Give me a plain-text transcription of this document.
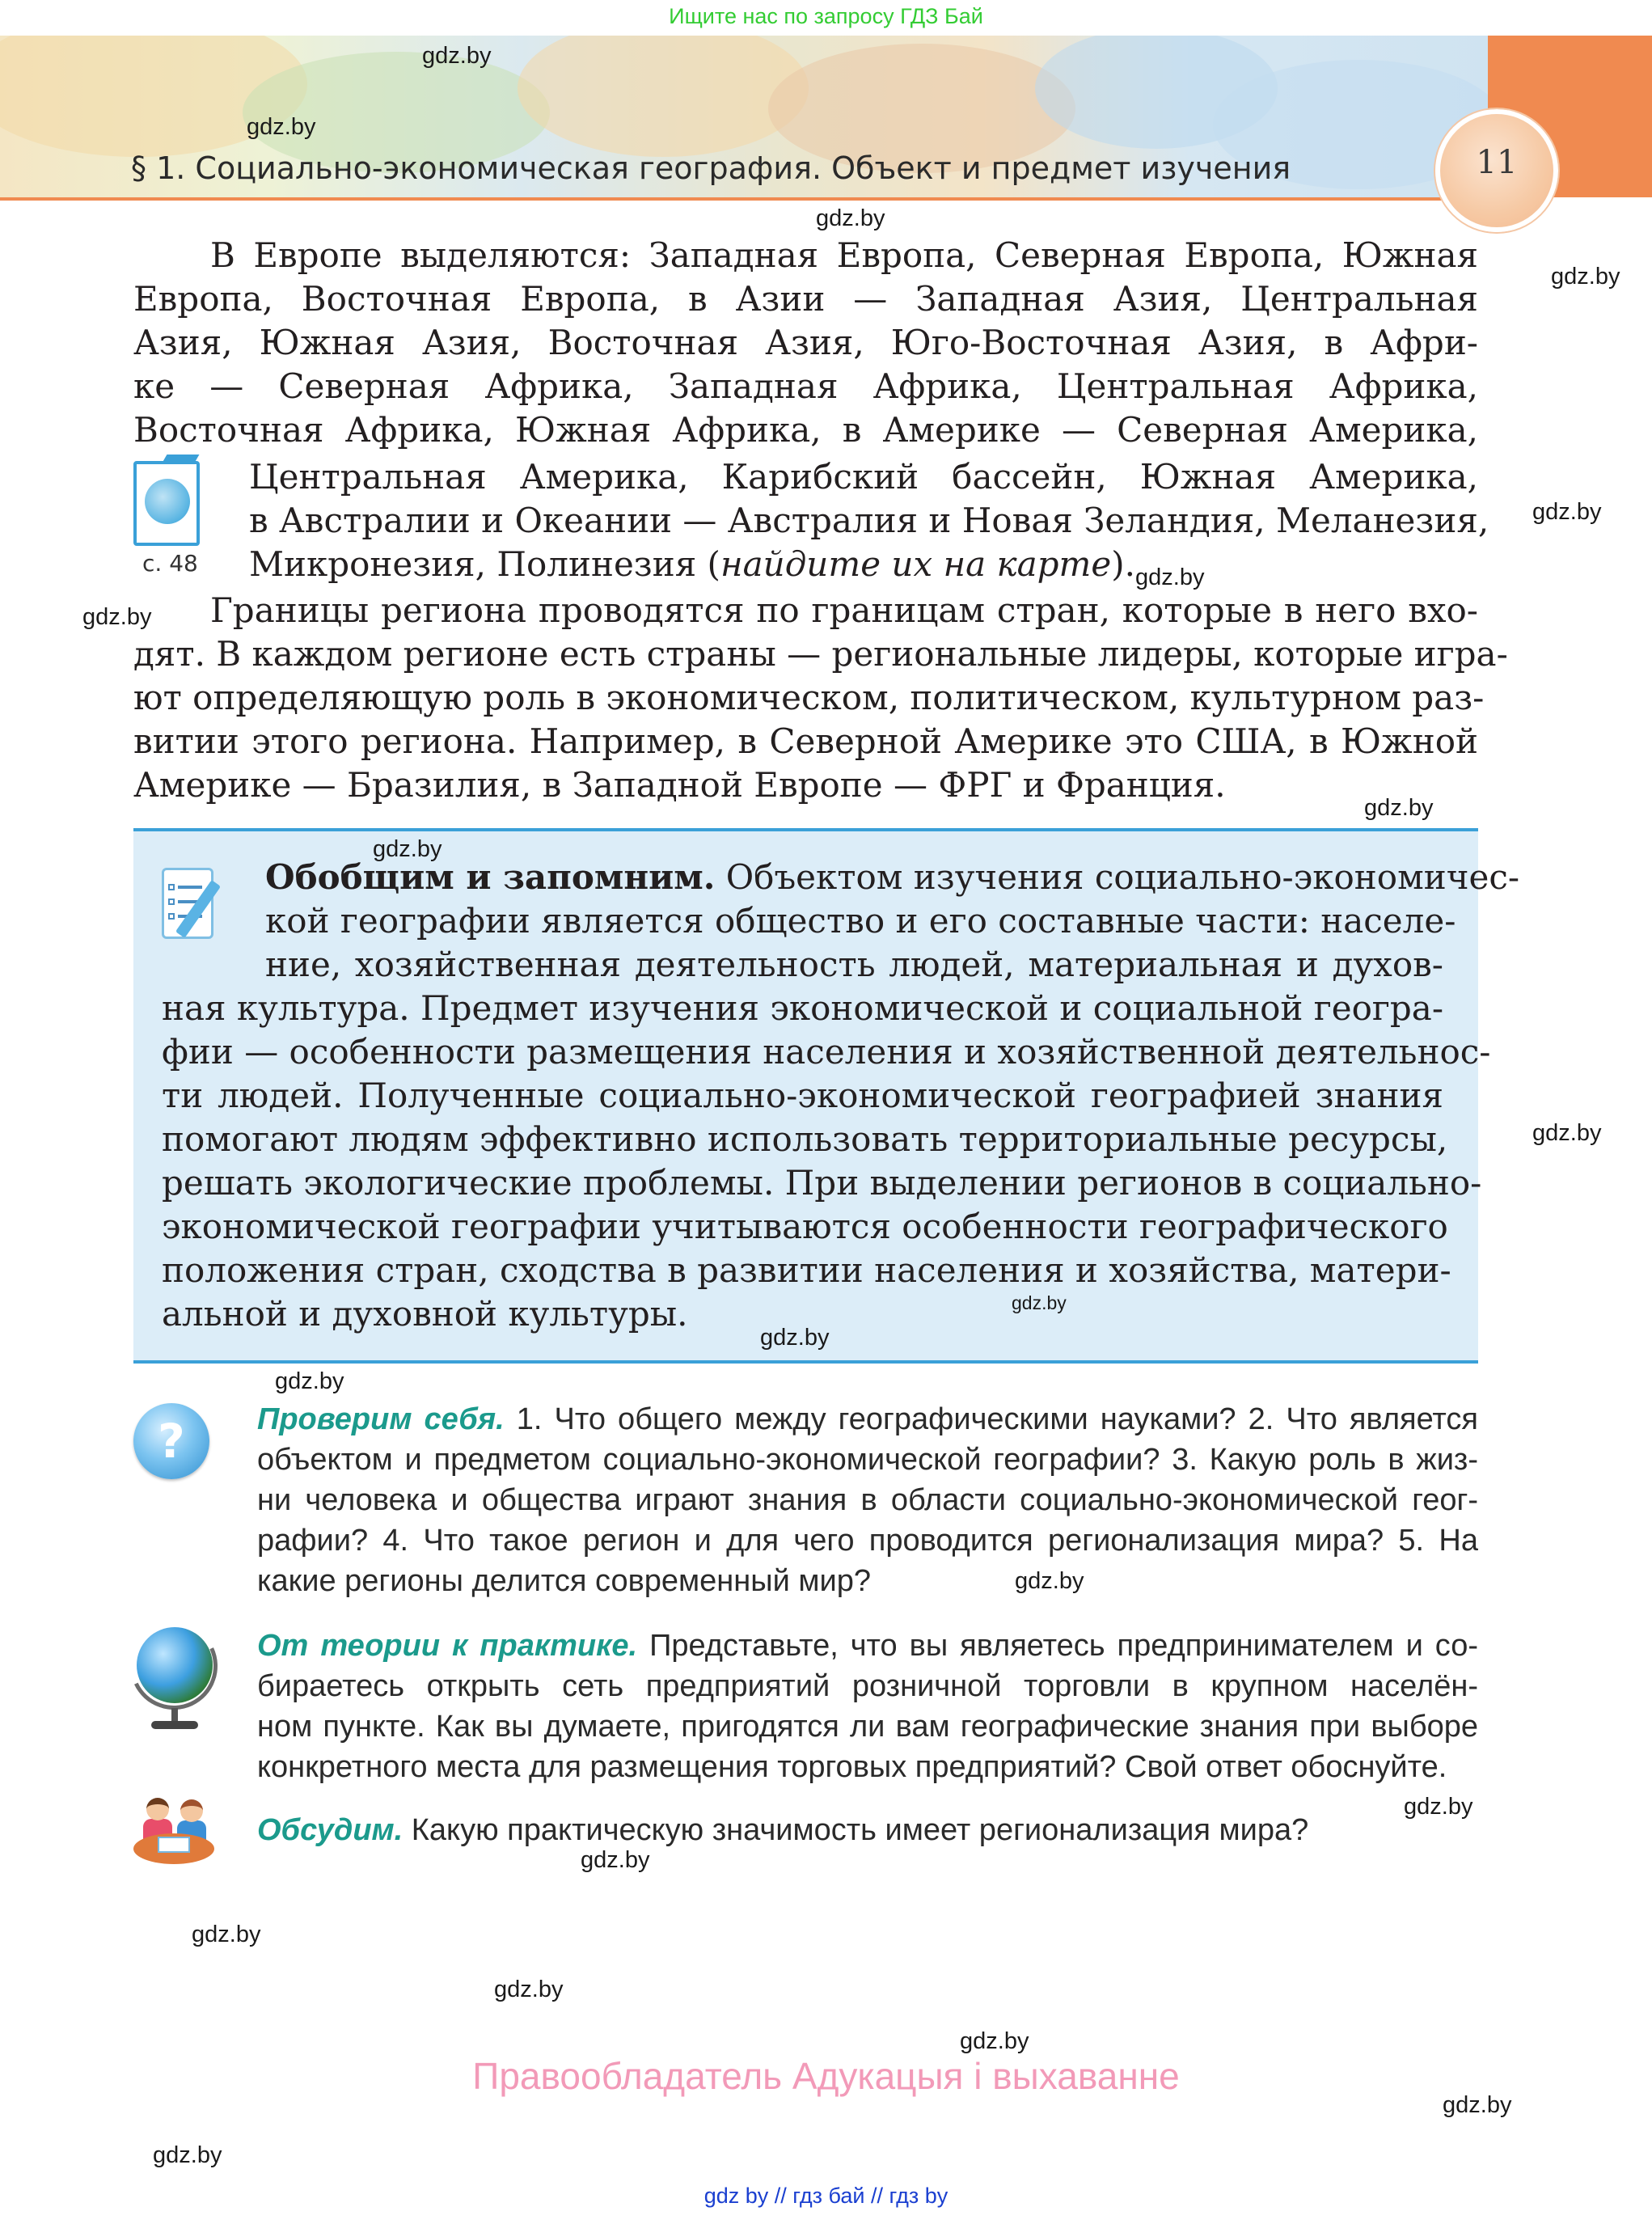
Ищите нас по запросу ГДЗ Бай
11
§ 1. Социально-экономическая география. Объект и предмет изучения
В Европе выделяются: Западная Европа, Северная Европа, Южная
Европа, Восточная Европа, в Азии — Западная Азия, Центральная
Азия, Южная Азия, Восточная Азия, Юго-Восточная Азия, в Афри-
ке — Северная Африка, Западная Африка, Центральная Африка,
Восточная Африка, Южная Африка, в Америке — Северная Америка,
Центральная Америка, Карибский бассейн, Южная Америка,
в Австралии и Океании — Австралия и Новая Зеландия, Меланезия,
Микронезия, Полинезия (найдите их на карте).
с. 48
Границы региона проводятся по границам стран, которые в него вхо-
дят. В каждом регионе есть страны — региональные лидеры, которые игра-
ют определяющую роль в экономическом, политическом, культурном раз-
витии этого региона. Например, в Северной Америке это США, в Южной
Америке — Бразилия, в Западной Европе — ФРГ и Франция.
Обобщим и запомним. Объектом изучения социально-экономичес-
кой географии является общество и его составные части: населе-
ние, хозяйственная деятельность людей, материальная и духов-
ная культура. Предмет изучения экономической и социальной геогра-
фии — особенности размещения населения и хозяйственной деятельнос-
ти людей. Полученные социально-экономической географией знания
помогают людям эффективно использовать территориальные ресурсы,
решать экологические проблемы. При выделении регионов в социально-
экономической географии учитываются особенности географического
положения стран, сходства в развитии населения и хозяйства, матери-
альной и духовной культуры.
?	Проверим себя. 1. Что общего между географическими науками? 2. Что является
объектом и предметом социально-экономической географии? 3. Какую роль в жиз-
ни человека и общества играют знания в области социально-экономической геог-
рафии? 4. Что такое регион и для чего проводится регионализация мира? 5. На
какие регионы делится современный мир?
От теории к практике. Представьте, что вы являетесь предпринимателем и со-
бираетесь открыть сеть предприятий розничной торговли в крупном населён-
ном пункте. Как вы думаете, пригодятся ли вам географические знания при выборе
конкретного места для размещения торговых предприятий? Свой ответ обоснуйте.
Обсудим. Какую практическую значимость имеет регионализация мира?
gdz.by
gdz.by
gdz.by
gdz.by
gdz.by
gdz.by
gdz.by
gdz.by
gdz.by
gdz.by
gdz.by
gdz.by
gdz.by
gdz.by
gdz.by
gdz.by
gdz.by
gdz.by
gdz.by
gdz.by
gdz.by
Правообладатель Адукацыя і выхаванне
gdz by // гдз бай // гдз by
